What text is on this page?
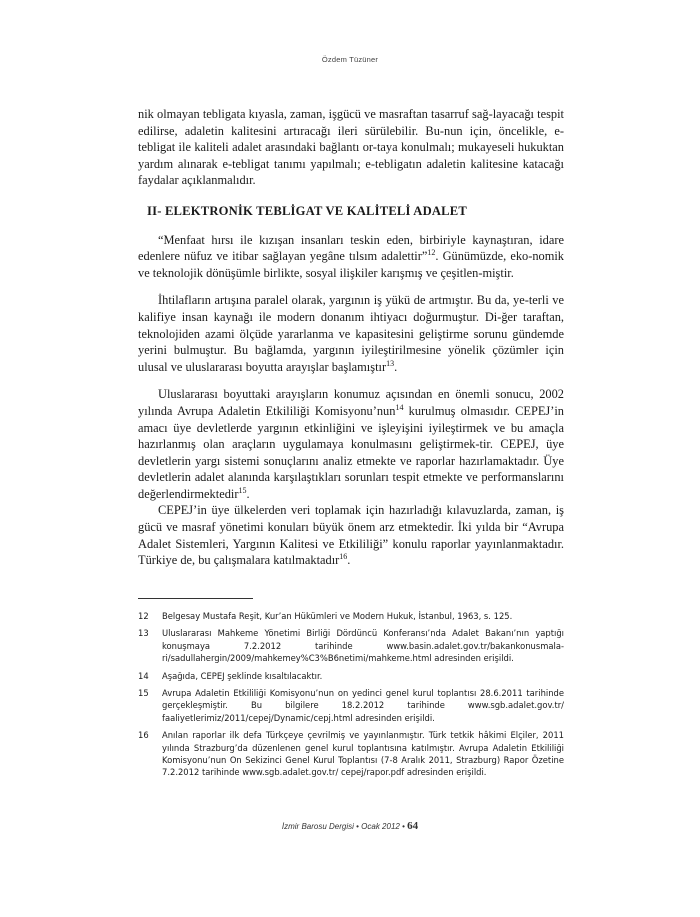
Özdem Tüzüner

nik olmayan tebligata kıyasla, zaman, işgücü ve masraftan tasarruf sağ-layacağı tespit edilirse, adaletin kalitesini artıracağı ileri sürülebilir. Bu-nun için, öncelikle, e- tebligat ile kaliteli adalet arasındaki bağlantı or-taya konulmalı; mukayeseli hukuktan yardım alınarak e-tebligat tanımı yapılmalı; e-tebligatın adaletin kalitesine katacağı faydalar açıklanmalıdır.

II- ELEKTRONİK TEBLİGAT VE KALİTELİ ADALET

“Menfaat hırsı ile kızışan insanları teskin eden, birbiriyle kaynaştıran, idare edenlere nüfuz ve itibar sağlayan yegâne tılsım adalettir”$^{12}$. Günümüzde, eko-nomik ve teknolojik dönüşümle birlikte, sosyal ilişkiler karışmış ve çeşitlen-miştir.

İhtilafların artışına paralel olarak, yargının iş yükü de artmıştır. Bu da, ye-terli ve kalifiye insan kaynağı ile modern donanım ihtiyacı doğurmuştur. Di-ğer taraftan, teknolojiden azami ölçüde yararlanma ve kapasitesini geliştirme sorunu gündemde yerini bulmuştur. Bu bağlamda, yargının iyileştirilmesine yönelik çözümler için ulusal ve uluslararası boyutta arayışlar başlamıştır$^{13}$.

Uluslararası boyuttaki arayışların konumuz açısından en önemli sonucu, 2002 yılında Avrupa Adaletin Etkililiği Komisyonu’nun$^{14}$ kurulmuş olmasıdır. CEPEJ’in amacı üye devletlerde yargının etkinliğini ve işleyişini iyileştirmek ve bu amaçla hazırlanmış olan araçların uygulamaya konulmasını geliştirmek-tir. CEPEJ, üye devletlerin yargı sistemi sonuçlarını analiz etmekte ve raporlar hazırlamaktadır. Üye devletlerin adalet alanında karşılaştıkları sorunları tespit etmekte ve performanslarını değerlendirmektedir$^{15}$.

CEPEJ’in üye ülkelerden veri toplamak için hazırladığı kılavuzlarda, zaman, iş gücü ve masraf yönetimi konuları büyük önem arz etmektedir. İki yılda bir “Avrupa Adalet Sistemleri, Yargının Kalitesi ve Etkililiği” konulu raporlar yayınlanmaktadır. Türkiye de, bu çalışmalara katılmaktadır$^{16}$.

12	Belgesay Mustafa Reşit, Kur’an Hükümleri ve Modern Hukuk, İstanbul, 1963, s. 125.
13	Uluslararası Mahkeme Yönetimi Birliği Dördüncü Konferansı’nda Adalet Bakanı’nın yaptığı konuşmaya 7.2.2012 tarihinde www.basin.adalet.gov.tr/bakankonusmala-ri/sadullahergin/2009/mahkemey%C3%B6netimi/mahkeme.html adresinden erişildi.
14	Aşağıda, CEPEJ şeklinde kısaltılacaktır.
15	Avrupa Adaletin Etkililiği Komisyonu’nun on yedinci genel kurul toplantısı 28.6.2011 tarihinde gerçekleşmiştir. Bu bilgilere 18.2.2012 tarihinde www.sgb.adalet.gov.tr/ faaliyetlerimiz/2011/cepej/Dynamic/cepj.html adresinden erişildi.
16	Anılan raporlar ilk defa Türkçeye çevrilmiş ve yayınlanmıştır. Türk tetkik hâkimi Elçiler, 2011 yılında Strazburg’da düzenlenen genel kurul toplantısına katılmıştır. Avrupa Adaletin Etkililiği Komisyonu’nun On Sekizinci Genel Kurul Toplantısı (7-8 Aralık 2011, Strazburg) Rapor Özetine 7.2.2012 tarihinde www.sgb.adalet.gov.tr/ cepej/rapor.pdf adresinden erişildi.
İzmir Barosu Dergisi • Ocak 2012 • 64
